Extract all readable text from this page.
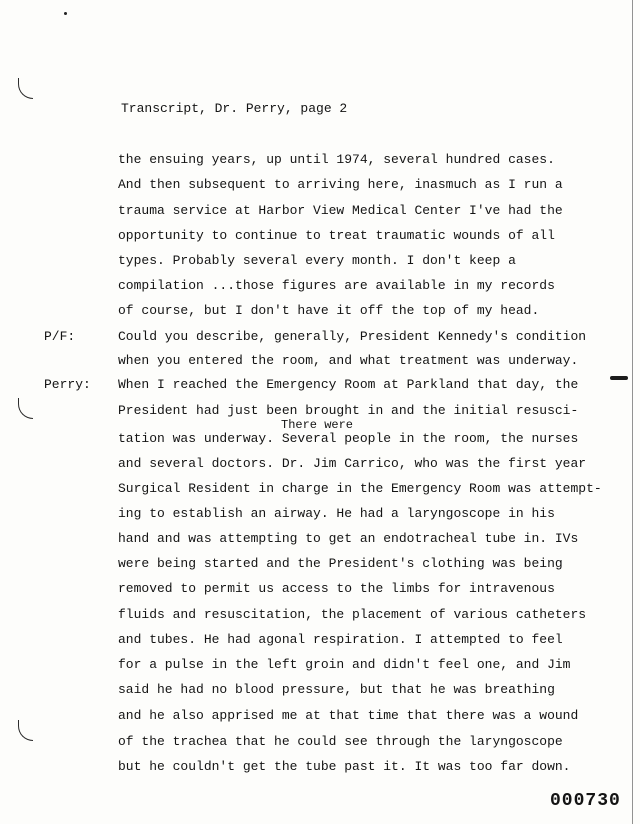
Transcript, Dr. Perry, page 2
P/F:
Perry:
There were
the ensuing years, up until 1974, several hundred cases.
And then subsequent to arriving here, inasmuch as I run a
trauma service at Harbor View Medical Center I've had the
opportunity to continue to treat traumatic wounds of all
types. Probably several every month. I don't keep a
compilation ...those figures are available in my records
of course, but I don't have it off the top of my head.
Could you describe, generally, President Kennedy's condition
when you entered the room, and what treatment was underway.
When I reached the Emergency Room at Parkland that day, the
President had just been brought in and the initial resusci-
tation was underway. Several people in the room, the nurses
and several doctors. Dr. Jim Carrico, who was the first year
Surgical Resident in charge in the Emergency Room was attempt-
ing to establish an airway. He had a laryngoscope in his
hand and was attempting to get an endotracheal tube in. IVs
were being started and the President's clothing was being
removed to permit us access to the limbs for intravenous
fluids and resuscitation, the placement of various catheters
and tubes. He had agonal respiration. I attempted to feel
for a pulse in the left groin and didn't feel one, and Jim
said he had no blood pressure, but that he was breathing
and he also apprised me at that time that there was a wound
of the trachea that he could see through the laryngoscope
but he couldn't get the tube past it. It was too far down.
000730
